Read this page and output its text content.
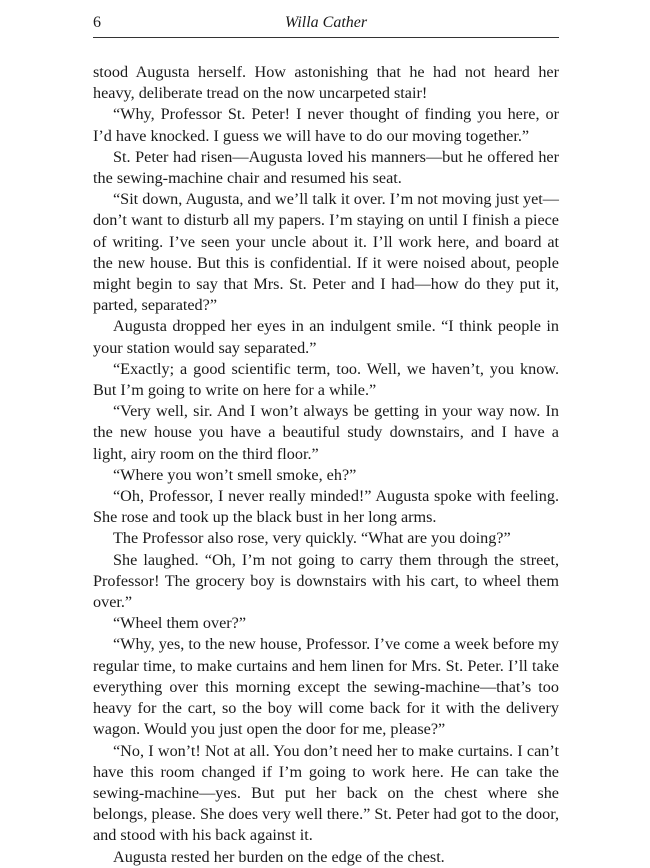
6	Willa Cather

stood Augusta herself. How astonishing that he had not heard her heavy, deliberate tread on the now uncarpeted stair!

“Why, Professor St. Peter! I never thought of finding you here, or I’d have knocked. I guess we will have to do our moving together.”

St. Peter had risen—Augusta loved his manners—but he offered her the sewing-machine chair and resumed his seat.

“Sit down, Augusta, and we’ll talk it over. I’m not moving just yet—don’t want to disturb all my papers. I’m staying on until I finish a piece of writing. I’ve seen your uncle about it. I’ll work here, and board at the new house. But this is confidential. If it were noised about, people might begin to say that Mrs. St. Peter and I had—how do they put it, parted, separated?”

Augusta dropped her eyes in an indulgent smile. “I think people in your station would say separated.”

“Exactly; a good scientific term, too. Well, we haven’t, you know. But I’m going to write on here for a while.”

“Very well, sir. And I won’t always be getting in your way now. In the new house you have a beautiful study downstairs, and I have a light, airy room on the third floor.”

“Where you won’t smell smoke, eh?”

“Oh, Professor, I never really minded!” Augusta spoke with feeling. She rose and took up the black bust in her long arms.

The Professor also rose, very quickly. “What are you doing?”

She laughed. “Oh, I’m not going to carry them through the street, Professor! The grocery boy is downstairs with his cart, to wheel them over.”

“Wheel them over?”

“Why, yes, to the new house, Professor. I’ve come a week before my regular time, to make curtains and hem linen for Mrs. St. Peter. I’ll take everything over this morning except the sewing-machine—that’s too heavy for the cart, so the boy will come back for it with the delivery wagon. Would you just open the door for me, please?”

“No, I won’t! Not at all. You don’t need her to make curtains. I can’t have this room changed if I’m going to work here. He can take the sewing-machine—yes. But put her back on the chest where she belongs, please. She does very well there.” St. Peter had got to the door, and stood with his back against it.

Augusta rested her burden on the edge of the chest.
